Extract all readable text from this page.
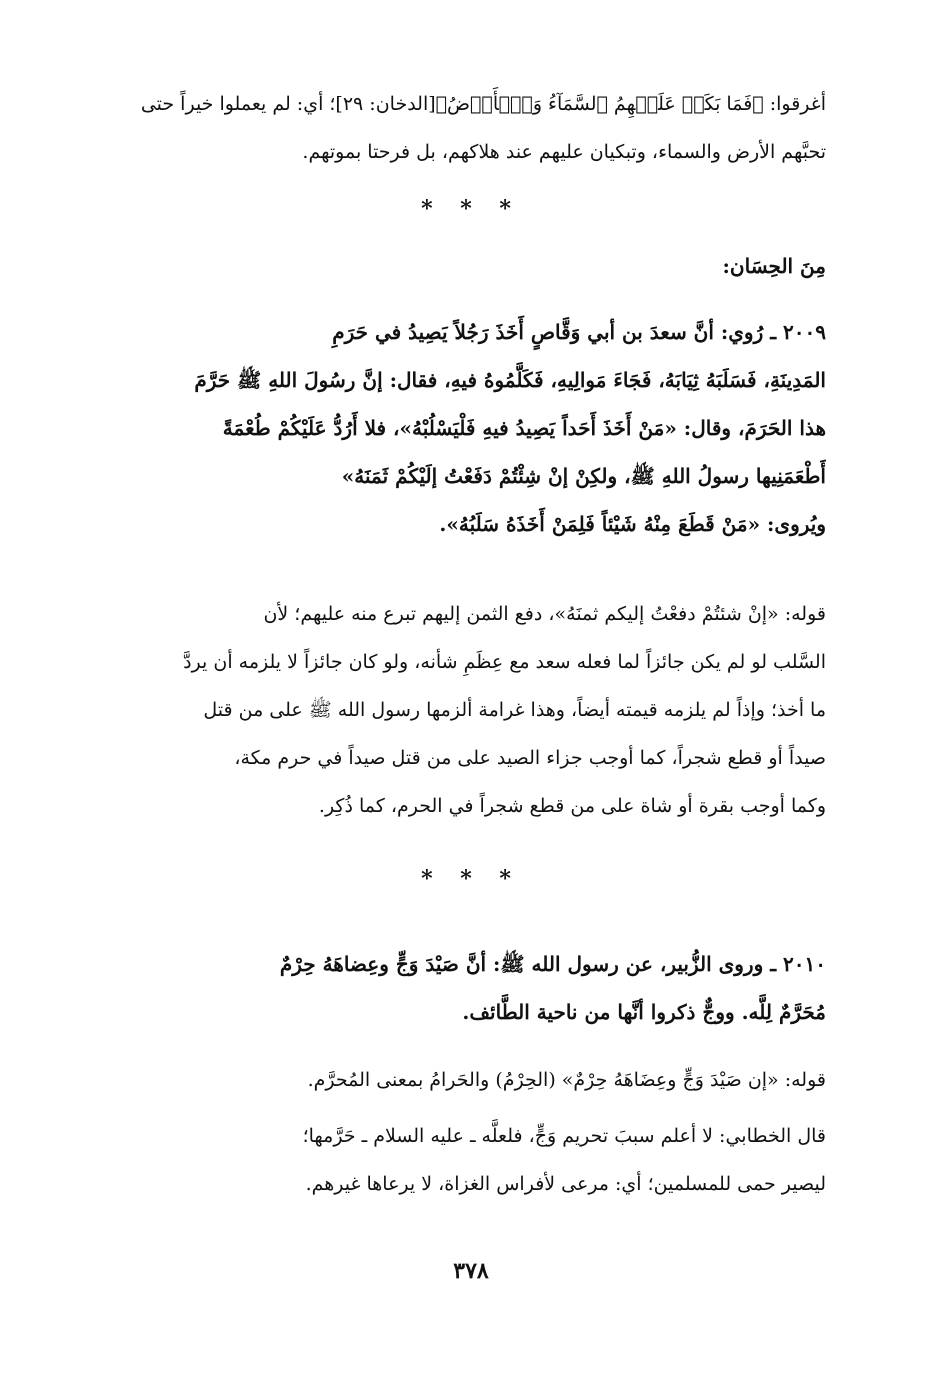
أغرقوا: ﴿فَمَا بَكَتۡ عَلَيۡهِمُ ٱلسَّمَآءُ وَٱلۡأَرۡضُ﴾[الدخان: ٢٩]؛ أي: لم يعملوا خيراً حتى
تحبَّهم الأرض والسماء، وتبكيان عليهم عند هلاكهم، بل فرحتا بموتهم.
* * *
مِنَ الحِسَان:
٢٠٠٩ ـ رُوي: أنَّ سعدَ بن أبي وَقَّاصٍ أَخَذَ رَجُلاً يَصِيدُ في حَرَمِ
المَدِينَةِ، فَسَلَبَهُ ثِيَابَهُ، فَجَاءَ مَوالِيهِ، فَكَلَّمُوهُ فيهِ، فقال: إنَّ رسُولَ اللهِ ﷺ حَرَّمَ
هذا الحَرَمَ، وقال: «مَنْ أَخَذَ أَحَداً يَصِيدُ فيهِ فَلْيَسْلُبْهُ»، فلا أَرُدُّ عَلَيْكُمْ طُعْمَةً
أَطْعَمَنِيها رسولُ اللهِ ﷺ، ولكِنْ إنْ شِئْتُمْ دَفَعْتُ إلَيْكُمْ ثَمَنَهُ»
ويُروى: «مَنْ قَطَعَ مِنْهُ شَيْئاً فَلِمَنْ أَخَذَهُ سَلَبُهُ».
قوله: «إنْ شئتُمْ دفعْتُ إليكم ثمنَهُ»، دفع الثمن إليهم تبرع منه عليهم؛ لأن
السَّلب لو لم يكن جائزاً لما فعله سعد مع عِظَمِ شأنه، ولو كان جائزاً لا يلزمه أن يردَّ
ما أخذ؛ وإذاً لم يلزمه قيمته أيضاً، وهذا غرامة ألزمها رسول الله ﷺ على من قتل
صيداً أو قطع شجراً، كما أوجب جزاء الصيد على من قتل صيداً في حرم مكة،
وكما أوجب بقرة أو شاة على من قطع شجراً في الحرم، كما ذُكِر.
* * *
٢٠١٠ ـ وروى الزُّبير، عن رسول الله ﷺ: أنَّ صَيْدَ وَجٍّ وعِضاهَهُ حِرْمٌ
مُحَرَّمٌ لِلَّه. ووجٌّ ذكروا أنَّها من ناحية الطَّائف.
قوله: «إن صَيْدَ وَجٍّ وعِضَاهَهُ حِرْمٌ» (الحِرْمُ) والحَرامُ بمعنى المُحرَّم.
قال الخطابي: لا أعلم سببَ تحريم وَجٍّ، فلعلَّه ـ عليه السلام ـ حَرَّمها؛
ليصير حمى للمسلمين؛ أي: مرعى لأفراس الغزاة، لا يرعاها غيرهم.
٣٧٨
